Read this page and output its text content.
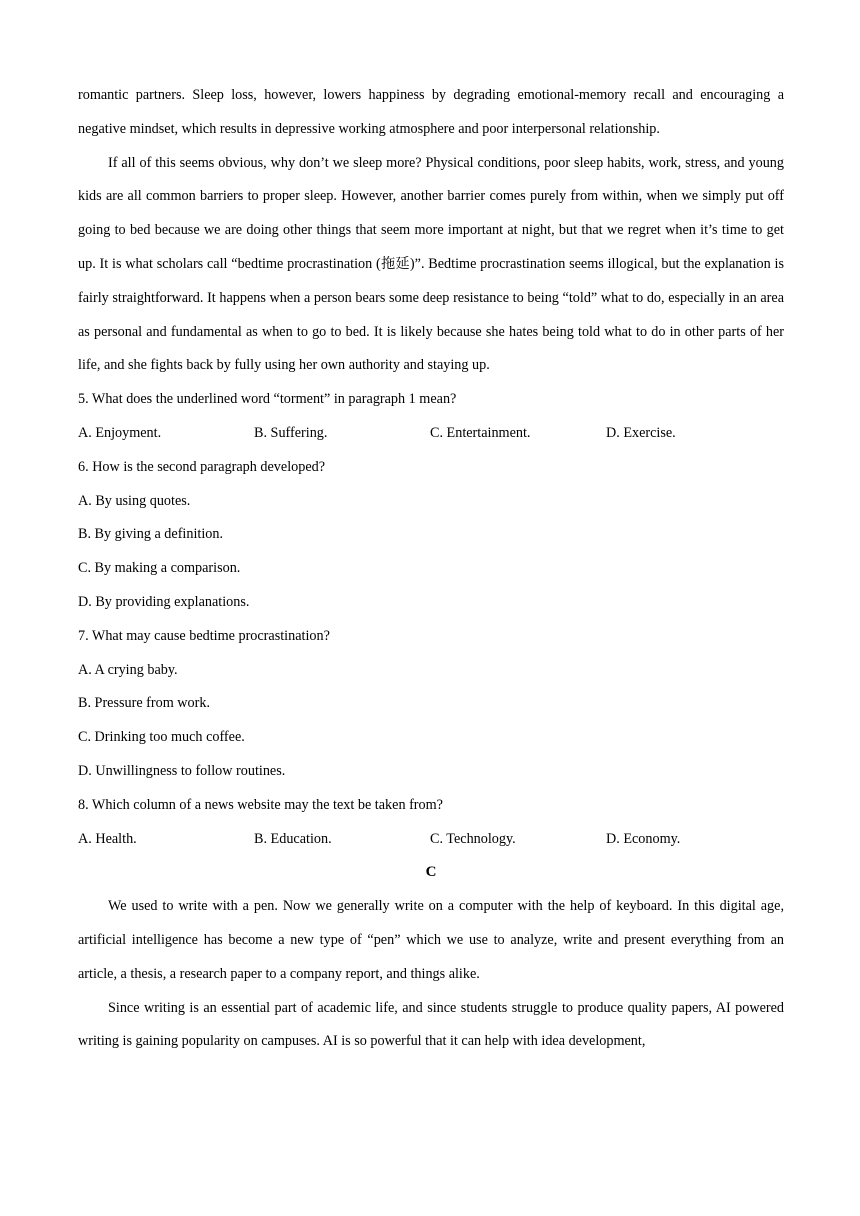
romantic partners. Sleep loss, however, lowers happiness by degrading emotional-memory recall and encouraging a negative mindset, which results in depressive working atmosphere and poor interpersonal relationship.

If all of this seems obvious, why don’t we sleep more? Physical conditions, poor sleep habits, work, stress, and young kids are all common barriers to proper sleep. However, another barrier comes purely from within, when we simply put off going to bed because we are doing other things that seem more important at night, but that we regret when it’s time to get up. It is what scholars call “bedtime procrastination (拖延)”. Bedtime procrastination seems illogical, but the explanation is fairly straightforward. It happens when a person bears some deep resistance to being “told” what to do, especially in an area as personal and fundamental as when to go to bed. It is likely because she hates being told what to do in other parts of her life, and she fights back by fully using her own authority and staying up.

5. What does the underlined word “torment” in paragraph 1 mean?

A. Enjoyment.	B. Suffering.	C. Entertainment.	D. Exercise.

6. How is the second paragraph developed?

A. By using quotes.

B. By giving a definition.

C. By making a comparison.

D. By providing explanations.

7. What may cause bedtime procrastination?

A. A crying baby.

B. Pressure from work.

C. Drinking too much coffee.

D. Unwillingness to follow routines.

8. Which column of a news website may the text be taken from?

A. Health.	B. Education.	C. Technology.	D. Economy.

C

We used to write with a pen. Now we generally write on a computer with the help of keyboard. In this digital age, artificial intelligence has become a new type of “pen” which we use to analyze, write and present everything from an article, a thesis, a research paper to a company report, and things alike.

Since writing is an essential part of academic life, and since students struggle to produce quality papers, AI powered writing is gaining popularity on campuses. AI is so powerful that it can help with idea development,
